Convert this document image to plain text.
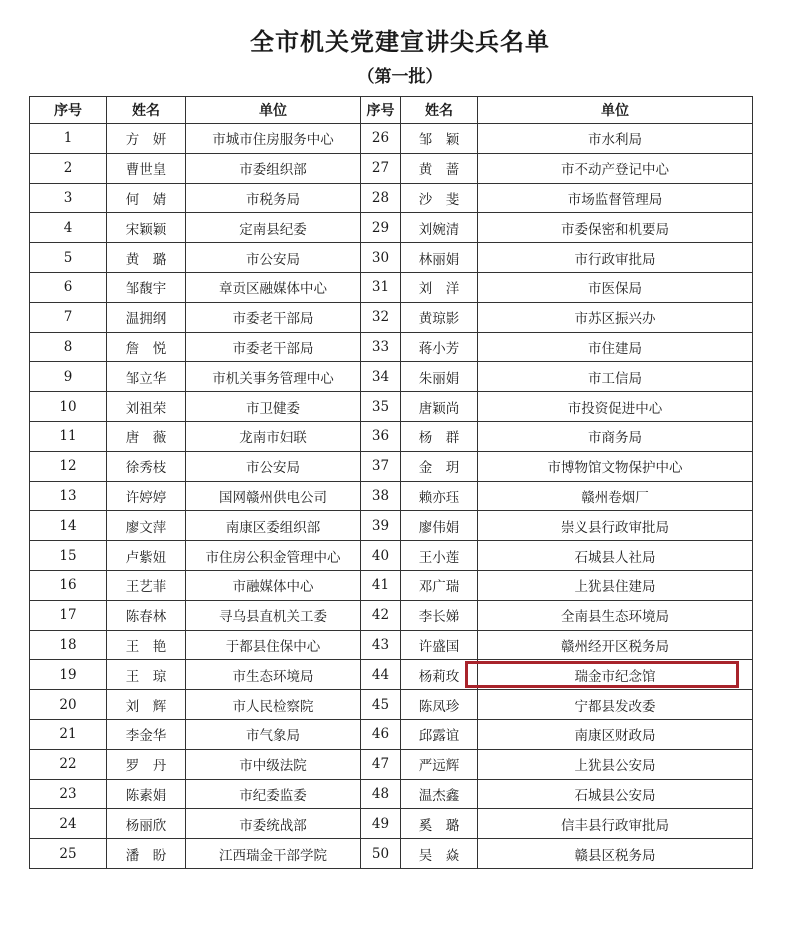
全市机关党建宣讲尖兵名单
（第一批）
序号	姓名	单位	序号	姓名	单位
1	方　妍	市城市住房服务中心	26	邹　颖	市水利局
2	曹世皇	市委组织部	27	黄　蔷	市不动产登记中心
3	何　婧	市税务局	28	沙　斐	市场监督管理局
4	宋颖颖	定南县纪委	29	刘婉清	市委保密和机要局
5	黄　璐	市公安局	30	林丽娟	市行政审批局
6	邹馥宇	章贡区融媒体中心	31	刘　洋	市医保局
7	温拥纲	市委老干部局	32	黄琼影	市苏区振兴办
8	詹　悦	市委老干部局	33	蒋小芳	市住建局
9	邹立华	市机关事务管理中心	34	朱丽娟	市工信局
10	刘祖荣	市卫健委	35	唐颖尚	市投资促进中心
11	唐　薇	龙南市妇联	36	杨　群	市商务局
12	徐秀枝	市公安局	37	金　玥	市博物馆文物保护中心
13	许婷婷	国网赣州供电公司	38	赖亦珏	赣州卷烟厂
14	廖文萍	南康区委组织部	39	廖伟娟	崇义县行政审批局
15	卢紫妞	市住房公积金管理中心	40	王小莲	石城县人社局
16	王艺菲	市融媒体中心	41	邓广瑞	上犹县住建局
17	陈春林	寻乌县直机关工委	42	李长娣	全南县生态环境局
18	王　艳	于都县住保中心	43	许盛国	赣州经开区税务局
19	王　琼	市生态环境局	44	杨莉玫	瑞金市纪念馆
20	刘　辉	市人民检察院	45	陈凤珍	宁都县发改委
21	李金华	市气象局	46	邱露谊	南康区财政局
22	罗　丹	市中级法院	47	严远辉	上犹县公安局
23	陈素娟	市纪委监委	48	温杰鑫	石城县公安局
24	杨丽欣	市委统战部	49	奚　璐	信丰县行政审批局
25	潘　盼	江西瑞金干部学院	50	吴　焱	赣县区税务局
